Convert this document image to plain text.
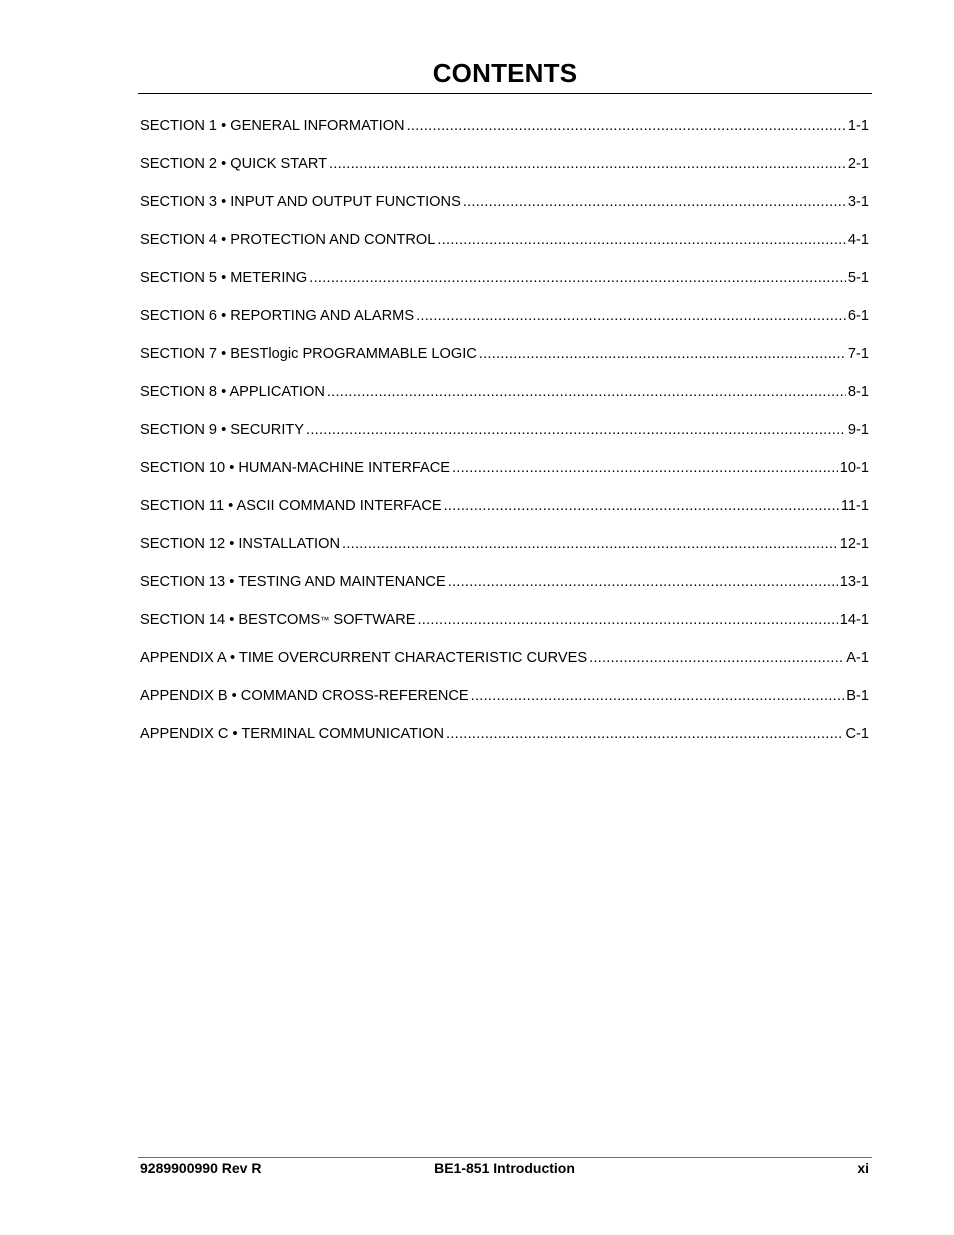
CONTENTS
SECTION 1 • GENERAL INFORMATION . . .	1-1
SECTION 2 • QUICK START . . .	2-1
SECTION 3 • INPUT AND OUTPUT FUNCTIONS . . .	3-1
SECTION 4 • PROTECTION AND CONTROL . . .	4-1
SECTION 5 • METERING . . .	5-1
SECTION 6 • REPORTING AND ALARMS . . .	6-1
SECTION 7 • BESTlogic PROGRAMMABLE LOGIC . . .	7-1
SECTION 8 • APPLICATION . . .	8-1
SECTION 9 • SECURITY . . .	9-1
SECTION 10 • HUMAN-MACHINE INTERFACE . . .	10-1
SECTION 11 • ASCII COMMAND INTERFACE . . .	11-1
SECTION 12 • INSTALLATION . . .	12-1
SECTION 13 • TESTING AND MAINTENANCE . . .	13-1
SECTION 14 • BESTCOMS™ SOFTWARE . . .	14-1
APPENDIX A • TIME OVERCURRENT CHARACTERISTIC CURVES . . .	A-1
APPENDIX B • COMMAND CROSS-REFERENCE . . .	B-1
APPENDIX C • TERMINAL COMMUNICATION . . .	C-1
9289900990 Rev R	BE1-851 Introduction	xi
